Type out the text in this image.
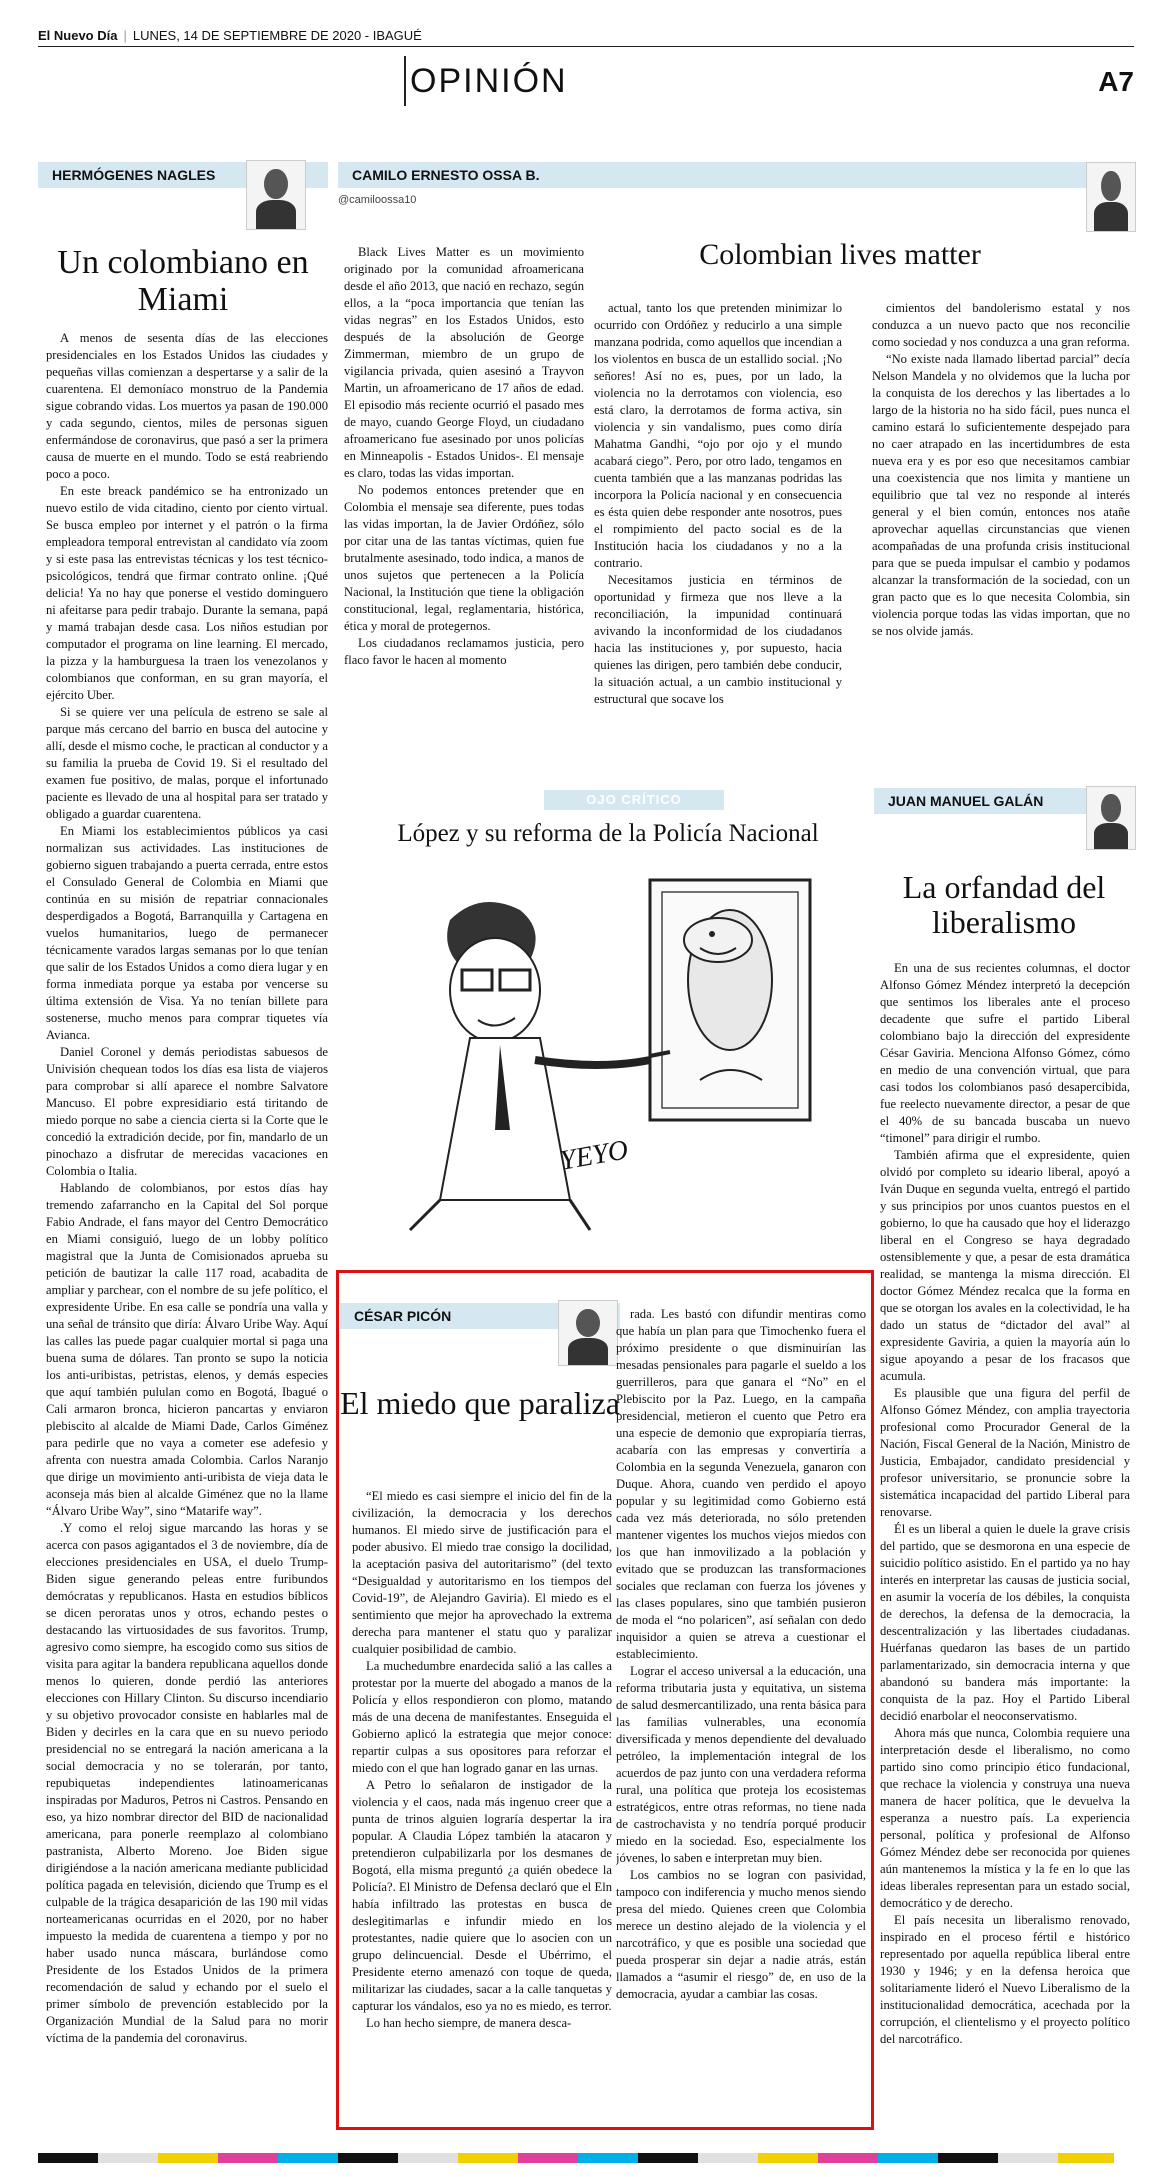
El Nuevo Día | LUNES, 14 DE SEPTIEMBRE DE 2020 - IBAGUÉ
OPINIÓN	A7
HERMÓGENES NAGLES
Un colombiano en Miami

A menos de sesenta días de las elecciones presidenciales en los Estados Unidos las ciudades y pequeñas villas comienzan a despertarse y a salir de la cuarentena. El demoníaco monstruo de la Pandemia sigue cobrando vidas. Los muertos ya pasan de 190.000 y cada segundo, cientos, miles de personas siguen enfermándose de coronavirus, que pasó a ser la primera causa de muerte en el mundo. Todo se está reabriendo poco a poco.

En este breack pandémico se ha entronizado un nuevo estilo de vida citadino, ciento por ciento virtual. Se busca empleo por internet y el patrón o la firma empleadora temporal entrevistan al candidato vía zoom y si este pasa las entrevistas técnicas y los test técnico-psicológicos, tendrá que firmar contrato online. ¡Qué delicia! Ya no hay que ponerse el vestido dominguero ni afeitarse para pedir trabajo. Durante la semana, papá y mamá trabajan desde casa. Los niños estudian por computador el programa on line learning. El mercado, la pizza y la hamburguesa la traen los venezolanos y colombianos que conforman, en su gran mayoría, el ejército Uber.

Si se quiere ver una película de estreno se sale al parque más cercano del barrio en busca del autocine y allí, desde el mismo coche, le practican al conductor y a su familia la prueba de Covid 19. Si el resultado del examen fue positivo, de malas, porque el infortunado paciente es llevado de una al hospital para ser tratado y obligado a guardar cuarentena.

En Miami los establecimientos públicos ya casi normalizan sus actividades. Las instituciones de gobierno siguen trabajando a puerta cerrada, entre estos el Consulado General de Colombia en Miami que continúa en su misión de repatriar connacionales desperdigados a Bogotá, Barranquilla y Cartagena en vuelos humanitarios, luego de permanecer técnicamente varados largas semanas por lo que tenían que salir de los Estados Unidos a como diera lugar y en forma inmediata porque ya estaba por vencerse su última extensión de Visa. Ya no tenían billete para sostenerse, mucho menos para comprar tiquetes vía Avianca.

Daniel Coronel y demás periodistas sabuesos de Univisión chequean todos los días esa lista de viajeros para comprobar si allí aparece el nombre Salvatore Mancuso. El pobre expresidiario está tiritando de miedo porque no sabe a ciencia cierta si la Corte que le concedió la extradición decide, por fin, mandarlo de un pinochazo a disfrutar de merecidas vacaciones en Colombia o Italia.

Hablando de colombianos, por estos días hay tremendo zafarrancho en la Capital del Sol porque Fabio Andrade, el fans mayor del Centro Democrático en Miami consiguió, luego de un lobby político magistral que la Junta de Comisionados aprueba su petición de bautizar la calle 117 road, acabadita de ampliar y parchear, con el nombre de su jefe político, el expresidente Uribe. En esa calle se pondría una valla y una señal de tránsito que diría: Álvaro Uribe Way. Aquí las calles las puede pagar cualquier mortal si paga una buena suma de dólares. Tan pronto se supo la noticia los anti-uribistas, petristas, elenos, y demás especies que aquí también pululan como en Bogotá, Ibagué o Cali armaron bronca, hicieron pancartas y enviaron plebiscito al alcalde de Miami Dade, Carlos Giménez para pedirle que no vaya a cometer ese adefesio y afrenta con nuestra amada Colombia. Carlos Naranjo que dirige un movimiento anti-uribista de vieja data le aconseja más bien al alcalde Giménez que no la llame “Álvaro Uribe Way”, sino “Matarife way”.

.Y como el reloj sigue marcando las horas y se acerca con pasos agigantados el 3 de noviembre, día de elecciones presidenciales en USA, el duelo Trump-Biden sigue generando peleas entre furibundos demócratas y republicanos. Hasta en estudios bíblicos se dicen peroratas unos y otros, echando pestes o destacando las virtuosidades de sus favoritos. Trump, agresivo como siempre, ha escogido como sus sitios de visita para agitar la bandera republicana aquellos donde menos lo quieren, donde perdió las anteriores elecciones con Hillary Clinton. Su discurso incendiario y su objetivo provocador consiste en hablarles mal de Biden y decirles en la cara que en su nuevo periodo presidencial no se entregará la nación americana a la social democracia y no se tolerarán, por tanto, repubiquetas independientes latinoamericanas inspiradas por Maduros, Petros ni Castros. Pensando en eso, ya hizo nombrar director del BID de nacionalidad americana, para ponerle reemplazo al colombiano pastranista, Alberto Moreno. Joe Biden sigue dirigiéndose a la nación americana mediante publicidad política pagada en televisión, diciendo que Trump es el culpable de la trágica desaparición de las 190 mil vidas norteamericanas ocurridas en el 2020, por no haber impuesto la medida de cuarentena a tiempo y por no haber usado nunca máscara, burlándose como Presidente de los Estados Unidos de la primera recomendación de salud y echando por el suelo el primer símbolo de prevención establecido por la Organización Mundial de la Salud para no morir víctima de la pandemia del coronavirus.

CAMILO ERNESTO OSSA B.
@camiloossa10
Colombian lives matter

Black Lives Matter es un movimiento originado por la comunidad afroamericana desde el año 2013, que nació en rechazo, según ellos, a la “poca importancia que tenían las vidas negras” en los Estados Unidos, esto después de la absolución de George Zimmerman, miembro de un grupo de vigilancia privada, quien asesinó a Trayvon Martin, un afroamericano de 17 años de edad. El episodio más reciente ocurrió el pasado mes de mayo, cuando George Floyd, un ciudadano afroamericano fue asesinado por unos policías en Minneapolis - Estados Unidos-. El mensaje es claro, todas las vidas importan.

No podemos entonces pretender que en Colombia el mensaje sea diferente, pues todas las vidas importan, la de Javier Ordóñez, sólo por citar una de las tantas víctimas, quien fue brutalmente asesinado, todo indica, a manos de unos sujetos que pertenecen a la Policía Nacional, la Institución que tiene la obligación constitucional, legal, reglamentaria, histórica, ética y moral de protegernos.

Los ciudadanos reclamamos justicia, pero flaco favor le hacen al momento

actual, tanto los que pretenden minimizar lo ocurrido con Ordóñez y reducirlo a una simple manzana podrida, como aquellos que incendian a los violentos en busca de un estallido social. ¡No señores! Así no es, pues, por un lado, la violencia no la derrotamos con violencia, eso está claro, la derrotamos de forma activa, sin violencia y sin vandalismo, pues como diría Mahatma Gandhi, “ojo por ojo y el mundo acabará ciego”. Pero, por otro lado, tengamos en cuenta también que a las manzanas podridas las incorpora la Policía nacional y en consecuencia es ésta quien debe responder ante nosotros, pues el rompimiento del pacto social es de la Institución hacia los ciudadanos y no a la contrario.

Necesitamos justicia en términos de oportunidad y firmeza que nos lleve a la reconciliación, la impunidad continuará avivando la inconformidad de los ciudadanos hacia las instituciones y, por supuesto, hacia quienes las dirigen, pero también debe conducir, la situación actual, a un cambio institucional y estructural que socave los

cimientos del bandolerismo estatal y nos conduzca a un nuevo pacto que nos reconcilie como sociedad y nos conduzca a una gran reforma.

“No existe nada llamado libertad parcial” decía Nelson Mandela y no olvidemos que la lucha por la conquista de los derechos y las libertades a lo largo de la historia no ha sido fácil, pues nunca el camino estará lo suficientemente despejado para no caer atrapado en las incertidumbres de esta nueva era y es por eso que necesitamos cambiar una coexistencia que nos limita y mantiene un equilibrio que tal vez no responde al interés general y el bien común, entonces nos atañe aprovechar aquellas circunstancias que vienen acompañadas de una profunda crisis institucional para que se pueda impulsar el cambio y podamos alcanzar la transformación de la sociedad, con un gran pacto que es lo que necesita Colombia, sin violencia porque todas las vidas importan, que no se nos olvide jamás.

OJO CRÍTICO
López y su reforma de la Policía Nacional
YEYO
JUAN MANUEL GALÁN
La orfandad del liberalismo

En una de sus recientes columnas, el doctor Alfonso Gómez Méndez interpretó la decepción que sentimos los liberales ante el proceso decadente que sufre el partido Liberal colombiano bajo la dirección del expresidente César Gaviria. Menciona Alfonso Gómez, cómo en medio de una convención virtual, que para casi todos los colombianos pasó desapercibida, fue reelecto nuevamente director, a pesar de que el 40% de su bancada buscaba un nuevo “timonel” para dirigir el rumbo.

También afirma que el expresidente, quien olvidó por completo su ideario liberal, apoyó a Iván Duque en segunda vuelta, entregó el partido y sus principios por unos cuantos puestos en el gobierno, lo que ha causado que hoy el liderazgo liberal en el Congreso se haya degradado ostensiblemente y que, a pesar de esta dramática realidad, se mantenga la misma dirección. El doctor Gómez Méndez recalca que la forma en que se otorgan los avales en la colectividad, le ha dado un status de “dictador del aval” al expresidente Gaviria, a quien la mayoría aún lo sigue apoyando a pesar de los fracasos que acumula.

Es plausible que una figura del perfil de Alfonso Gómez Méndez, con amplia trayectoria profesional como Procurador General de la Nación, Fiscal General de la Nación, Ministro de Justicia, Embajador, candidato presidencial y profesor universitario, se pronuncie sobre la sistemática incapacidad del partido Liberal para renovarse.

Él es un liberal a quien le duele la grave crisis del partido, que se desmorona en una especie de suicidio político asistido. En el partido ya no hay interés en interpretar las causas de justicia social, en asumir la vocería de los débiles, la conquista de derechos, la defensa de la democracia, la descentralización y las libertades ciudadanas. Huérfanas quedaron las bases de un partido parlamentarizado, sin democracia interna y que abandonó su bandera más importante: la conquista de la paz. Hoy el Partido Liberal decidió enarbolar el neoconservatismo.

Ahora más que nunca, Colombia requiere una interpretación desde el liberalismo, no como partido sino como principio ético fundacional, que rechace la violencia y construya una nueva manera de hacer política, que le devuelva la esperanza a nuestro país. La experiencia personal, política y profesional de Alfonso Gómez Méndez debe ser reconocida por quienes aún mantenemos la mística y la fe en lo que las ideas liberales representan para un estado social, democrático y de derecho.

El país necesita un liberalismo renovado, inspirado en el proceso fértil e histórico representado por aquella república liberal entre 1930 y 1946; y en la defensa heroica que solitariamente lideró el Nuevo Liberalismo de la institucionalidad democrática, acechada por la corrupción, el clientelismo y el proyecto político del narcotráfico.

CÉSAR PICÓN
El miedo que paraliza

“El miedo es casi siempre el inicio del fin de la civilización, la democracia y los derechos humanos. El miedo sirve de justificación para el poder abusivo. El miedo trae consigo la docilidad, la aceptación pasiva del autoritarismo” (del texto “Desigualdad y autoritarismo en los tiempos del Covid-19”, de Alejandro Gaviria). El miedo es el sentimiento que mejor ha aprovechado la extrema derecha para mantener el statu quo y paralizar cualquier posibilidad de cambio.

La muchedumbre enardecida salió a las calles a protestar por la muerte del abogado a manos de la Policía y ellos respondieron con plomo, matando más de una decena de manifestantes. Enseguida el Gobierno aplicó la estrategia que mejor conoce: repartir culpas a sus opositores para reforzar el miedo con el que han logrado ganar en las urnas.

A Petro lo señalaron de instigador de la violencia y el caos, nada más ingenuo creer que a punta de trinos alguien lograría despertar la ira popular. A Claudia López también la atacaron y pretendieron culpabilizarla por los desmanes de Bogotá, ella misma preguntó ¿a quién obedece la Policía?. El Ministro de Defensa declaró que el Eln había infiltrado las protestas en busca de deslegitimarlas e infundir miedo en los protestantes, nadie quiere que lo asocien con un grupo delincuencial. Desde el Ubérrimo, el Presidente eterno amenazó con toque de queda, militarizar las ciudades, sacar a la calle tanquetas y capturar los vándalos, eso ya no es miedo, es terror.

Lo han hecho siempre, de manera desca-

rada. Les bastó con difundir mentiras como que había un plan para que Timochenko fuera el próximo presidente o que disminuirían las mesadas pensionales para pagarle el sueldo a los guerrilleros, para que ganara el “No” en el Plebiscito por la Paz. Luego, en la campaña presidencial, metieron el cuento que Petro era una especie de demonio que expropiaría tierras, acabaría con las empresas y convertiría a Colombia en la segunda Venezuela, ganaron con Duque. Ahora, cuando ven perdido el apoyo popular y su legitimidad como Gobierno está cada vez más deteriorada, no sólo pretenden mantener vigentes los muchos viejos miedos con los que han inmovilizado a la población y evitado que se produzcan las transformaciones sociales que reclaman con fuerza los jóvenes y las clases populares, sino que también pusieron de moda el “no polaricen”, así señalan con dedo inquisidor a quien se atreva a cuestionar el establecimiento.

Lograr el acceso universal a la educación, una reforma tributaria justa y equitativa, un sistema de salud desmercantilizado, una renta básica para las familias vulnerables, una economía diversificada y menos dependiente del devaluado petróleo, la implementación integral de los acuerdos de paz junto con una verdadera reforma rural, una política que proteja los ecosistemas estratégicos, entre otras reformas, no tiene nada de castrochavista y no tendría porqué producir miedo en la sociedad. Eso, especialmente los jóvenes, lo saben e interpretan muy bien.

Los cambios no se logran con pasividad, tampoco con indiferencia y mucho menos siendo presa del miedo. Quienes creen que Colombia merece un destino alejado de la violencia y el narcotráfico, y que es posible una sociedad que pueda prosperar sin dejar a nadie atrás, están llamados a “asumir el riesgo” de, en uso de la democracia, ayudar a cambiar las cosas.
